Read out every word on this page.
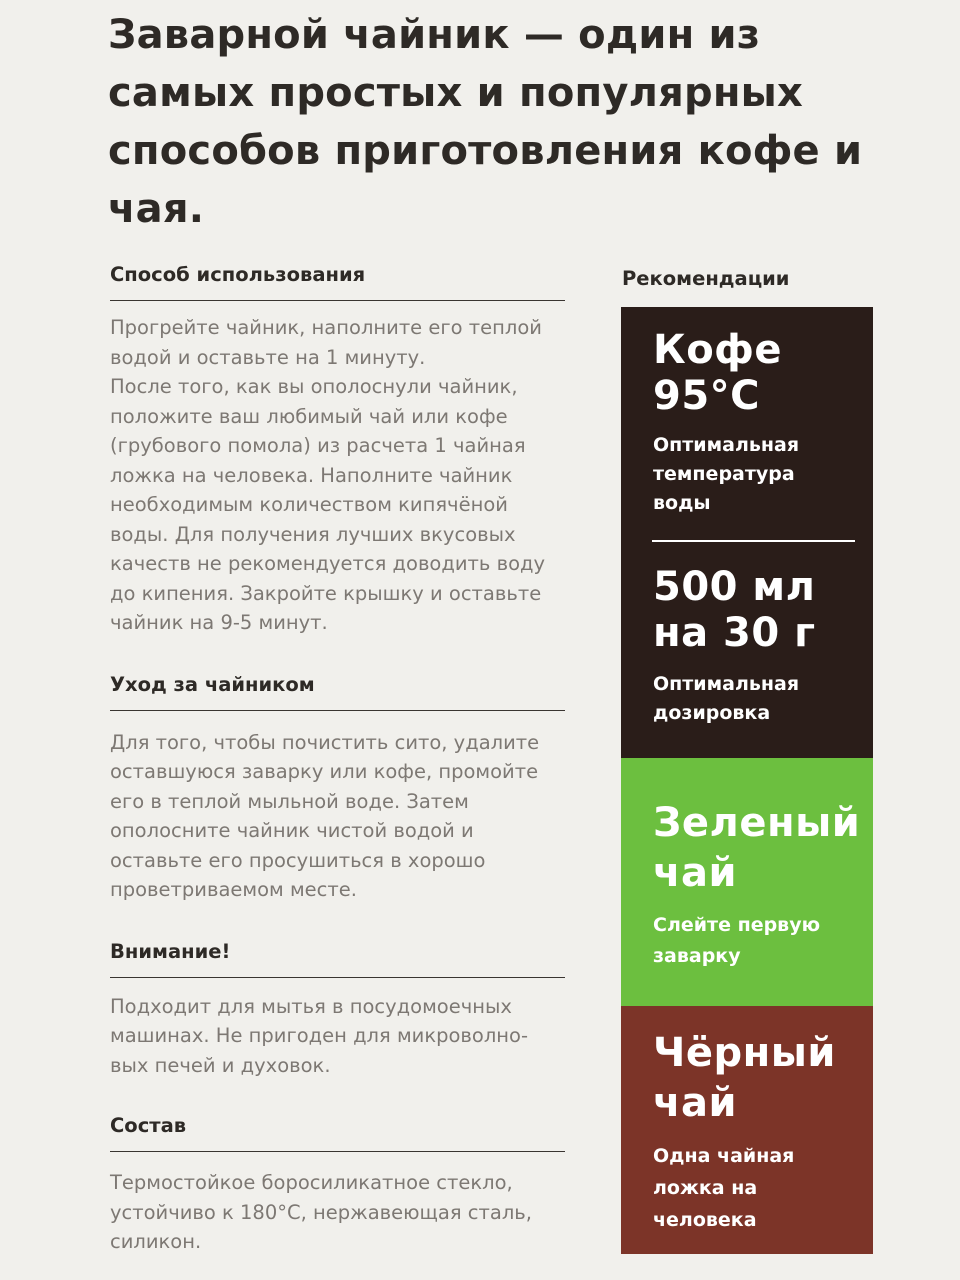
Заварной чайник — один из самых простых и популярных способов приготовления кофе и чая.
Способ использования

Прогрейте чайник, наполните его теплой
водой и оставьте на 1 минуту.
После того, как вы ополоснули чайник,
положите ваш любимый чай или кофе
(грубового помола) из расчета 1 чайная
ложка на человека. Наполните чайник
необходимым количеством кипячёной
воды. Для получения лучших вкусовых
качеств не рекомендуется доводить воду
до кипения. Закройте крышку и оставьте
чайник на 9-5 минут.

Уход за чайником

Для того, чтобы почистить сито, удалите
оставшуюся заварку или кофе, промойте
его в теплой мыльной воде. Затем
ополосните чайник чистой водой и
оставьте его просушиться в хорошо
проветриваемом месте.

Внимание!

Подходит для мытья в посудомоечных
машинах. Не пригоден для микроволно-
вых печей и духовок.

Состав

Термостойкое боросиликатное стекло,
устойчиво к 180°С, нержавеющая сталь,
силикон.

Рекомендации

Кофе
95°С

Оптимальная
температура
воды

500 мл
на 30 г

Оптимальная
дозировка

Зеленый
чай

Слейте первую
заварку

Чёрный
чай

Одна чайная
ложка на
человека
